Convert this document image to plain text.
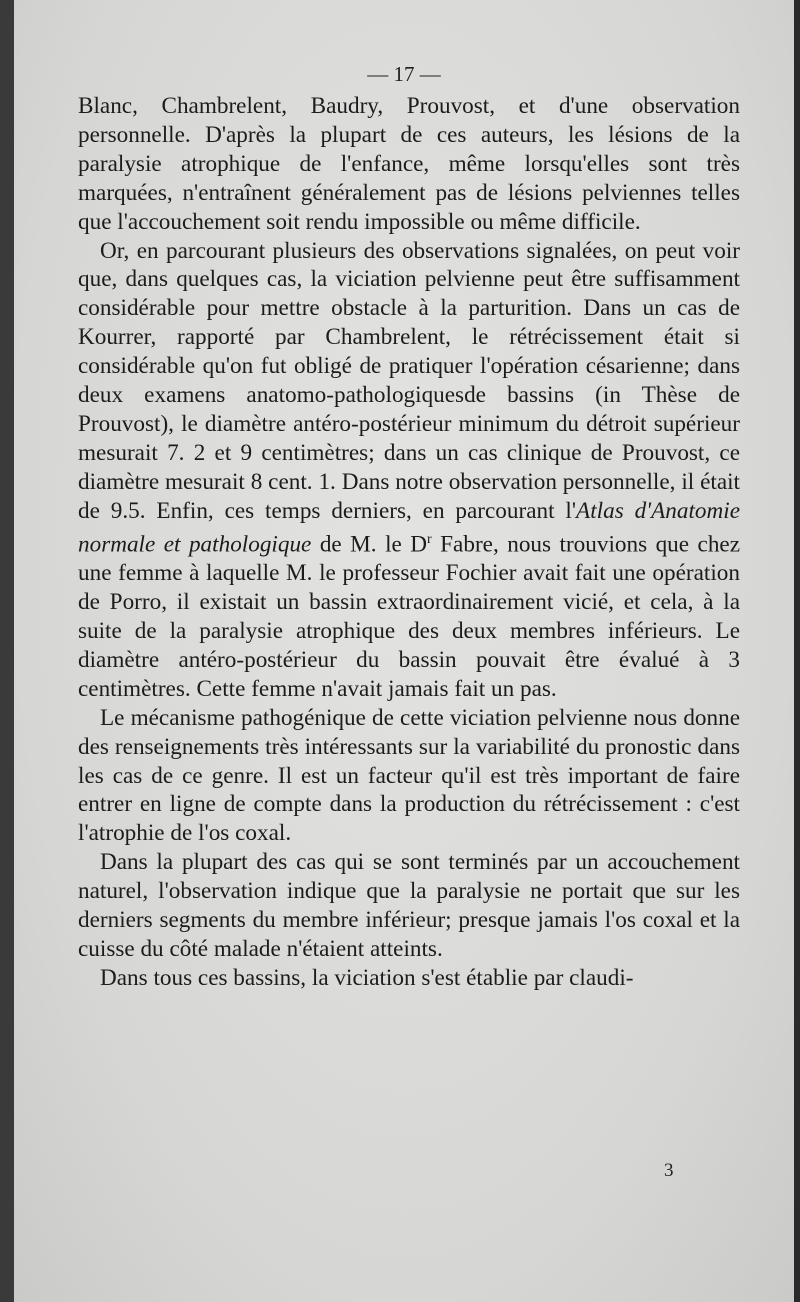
— 17 —

Blanc, Chambrelent, Baudry, Prouvost, et d'une observation personnelle. D'après la plupart de ces auteurs, les lésions de la paralysie atrophique de l'enfance, même lorsqu'elles sont très marquées, n'entraînent généralement pas de lésions pelviennes telles que l'accouchement soit rendu impossible ou même difficile.

Or, en parcourant plusieurs des observations signalées, on peut voir que, dans quelques cas, la viciation pelvienne peut être suffisamment considérable pour mettre obstacle à la parturition. Dans un cas de Kourrer, rapporté par Chambrelent, le rétrécissement était si considérable qu'on fut obligé de pratiquer l'opération césarienne; dans deux examens anatomo-pathologiquesde bassins (in Thèse de Prouvost), le diamètre antéro-postérieur minimum du détroit supérieur mesurait 7. 2 et 9 centimètres; dans un cas clinique de Prouvost, ce diamètre mesurait 8 cent. 1. Dans notre observation personnelle, il était de 9.5. Enfin, ces temps derniers, en parcourant l'Atlas d'Anatomie normale et pathologique de M. le $D^r$ Fabre, nous trouvions que chez une femme à laquelle M. le professeur Fochier avait fait une opération de Porro, il existait un bassin extraordinairement vicié, et cela, à la suite de la paralysie atrophique des deux membres inférieurs. Le diamètre antéro-postérieur du bassin pouvait être évalué à 3 centimètres. Cette femme n'avait jamais fait un pas.

Le mécanisme pathogénique de cette viciation pelvienne nous donne des renseignements très intéressants sur la variabilité du pronostic dans les cas de ce genre. Il est un facteur qu'il est très important de faire entrer en ligne de compte dans la production du rétrécissement : c'est l'atrophie de l'os coxal.

Dans la plupart des cas qui se sont terminés par un accouchement naturel, l'observation indique que la paralysie ne portait que sur les derniers segments du membre inférieur; presque jamais l'os coxal et la cuisse du côté malade n'étaient atteints.

Dans tous ces bassins, la viciation s'est établie par claudi-

3
